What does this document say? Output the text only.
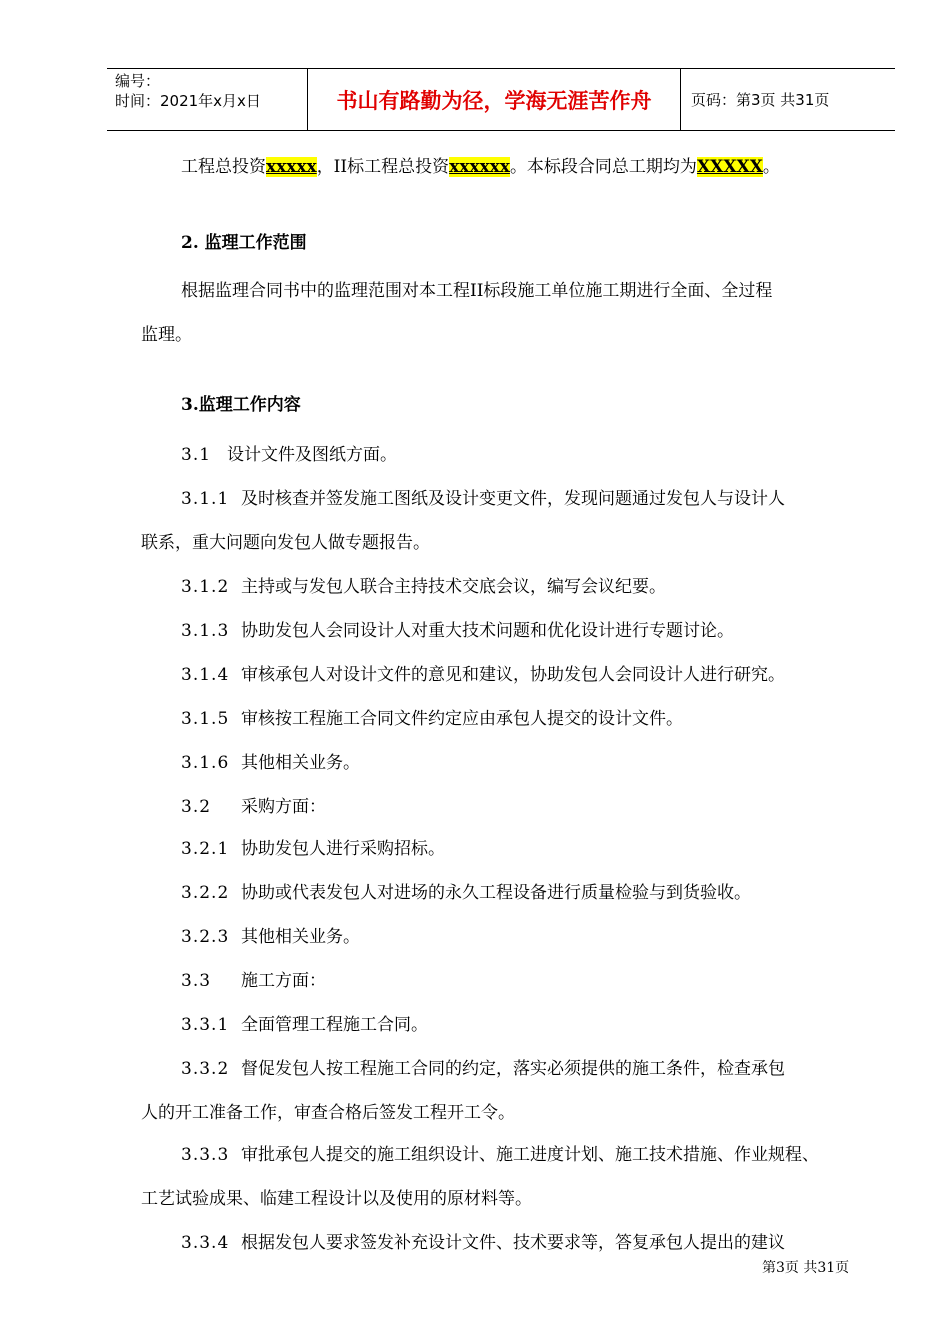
编号：
时间：2021年x月x日	书山有路勤为径，学海无涯苦作舟	页码：第3页 共31页
工程总投资xxxxx，II标工程总投资xxxxxx。本标段合同总工期均为XXXXX。
2. 监理工作范围
根据监理合同书中的监理范围对本工程II标段施工单位施工期进行全面、全过程
监理。
3.监理工作内容
3.1 设计文件及图纸方面。
3.1.1 及时核查并签发施工图纸及设计变更文件，发现问题通过发包人与设计人
联系，重大问题向发包人做专题报告。
3.1.2 主持或与发包人联合主持技术交底会议，编写会议纪要。
3.1.3 协助发包人会同设计人对重大技术问题和优化设计进行专题讨论。
3.1.4 审核承包人对设计文件的意见和建议，协助发包人会同设计人进行研究。
3.1.5 审核按工程施工合同文件约定应由承包人提交的设计文件。
3.1.6 其他相关业务。
3.2 采购方面：
3.2.1 协助发包人进行采购招标。
3.2.2 协助或代表发包人对进场的永久工程设备进行质量检验与到货验收。
3.2.3 其他相关业务。
3.3 施工方面：
3.3.1 全面管理工程施工合同。
3.3.2 督促发包人按工程施工合同的约定，落实必须提供的施工条件，检查承包
人的开工准备工作，审查合格后签发工程开工令。
3.3.3 审批承包人提交的施工组织设计、施工进度计划、施工技术措施、作业规程、
工艺试验成果、临建工程设计以及使用的原材料等。
3.3.4 根据发包人要求签发补充设计文件、技术要求等，答复承包人提出的建议
第3页 共31页
